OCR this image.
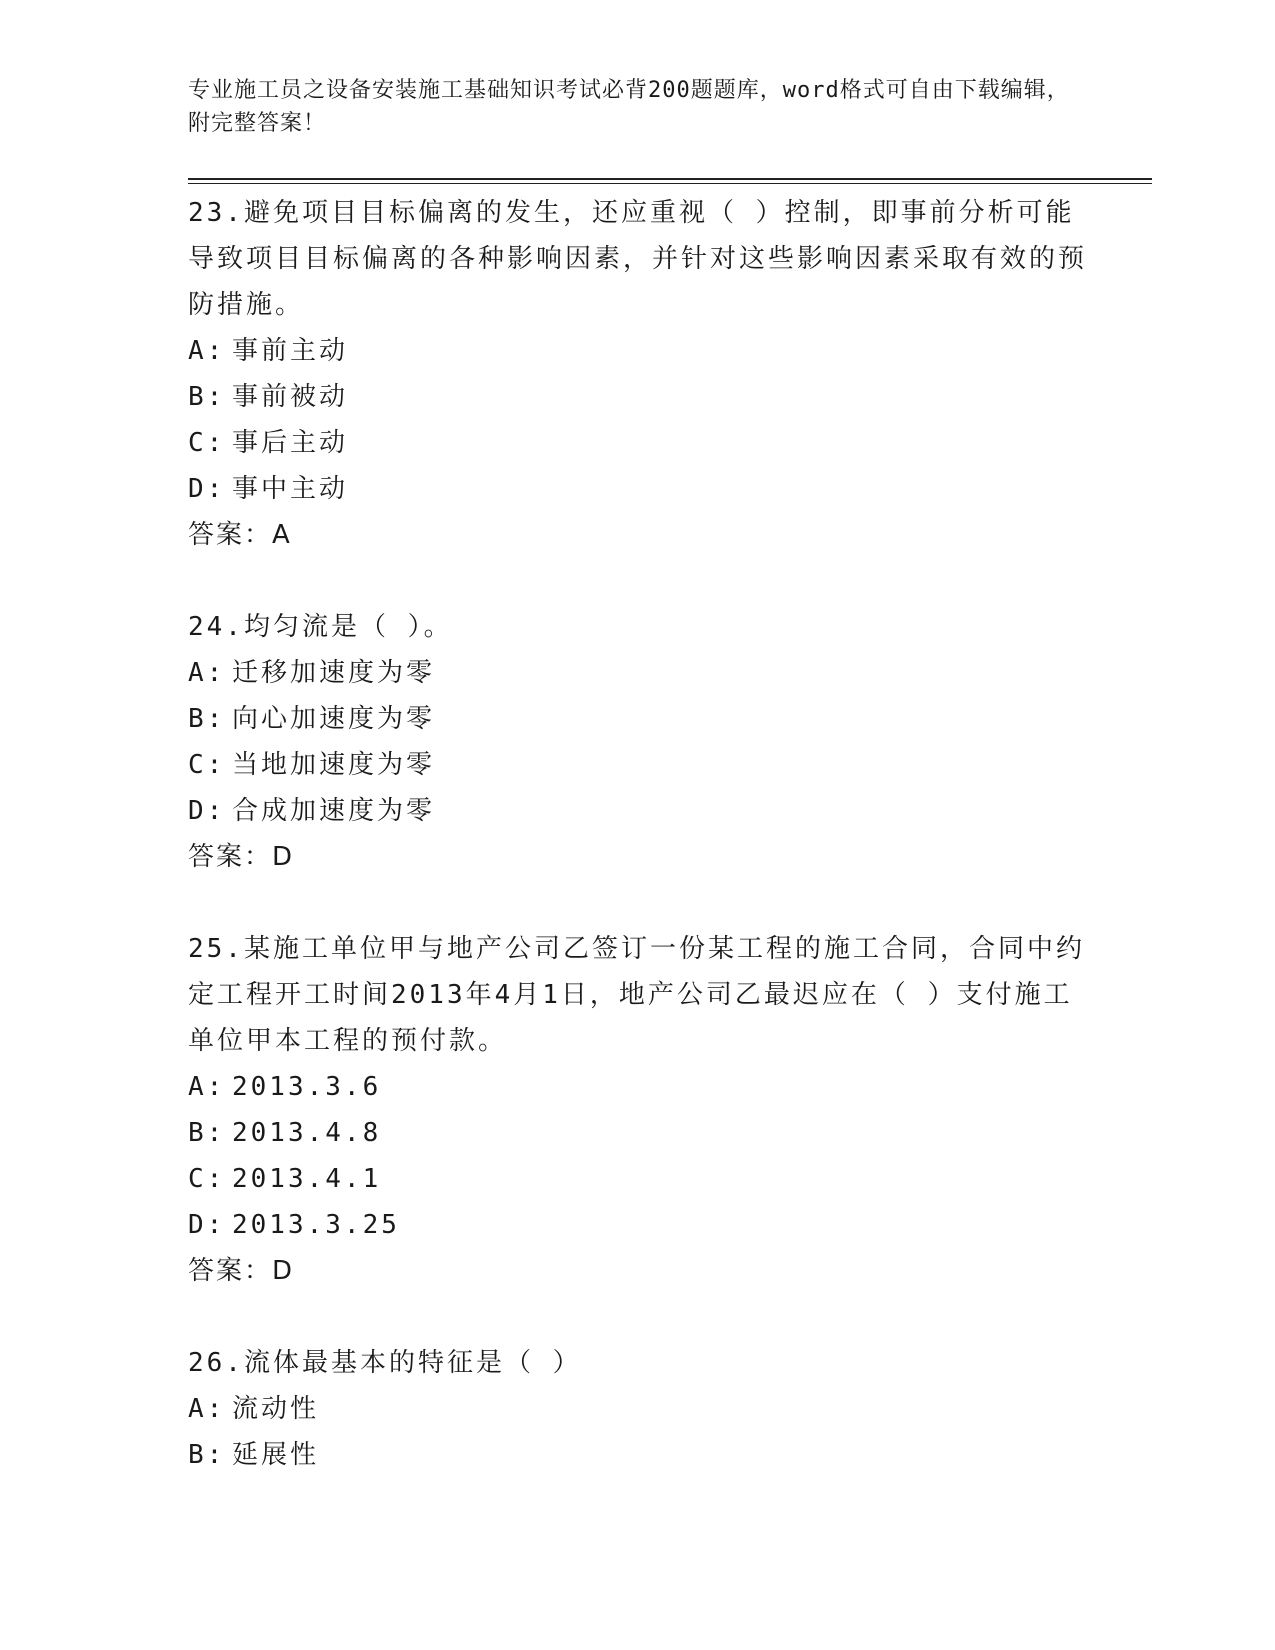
专业施工员之设备安装施工基础知识考试必背200题题库，word格式可自由下载编辑，附完整答案！
23.避免项目目标偏离的发生，还应重视（ ）控制，即事前分析可能导致项目目标偏离的各种影响因素，并针对这些影响因素采取有效的预防措施。
A: 事前主动
B: 事前被动
C: 事后主动
D: 事中主动
答案：A
24.均匀流是（ ）。
A: 迁移加速度为零
B: 向心加速度为零
C: 当地加速度为零
D: 合成加速度为零
答案：D
25.某施工单位甲与地产公司乙签订一份某工程的施工合同，合同中约定工程开工时间2013年4月1日，地产公司乙最迟应在（ ）支付施工单位甲本工程的预付款。
A: 2013.3.6
B: 2013.4.8
C: 2013.4.1
D: 2013.3.25
答案：D
26.流体最基本的特征是（ ）
A: 流动性
B: 延展性
